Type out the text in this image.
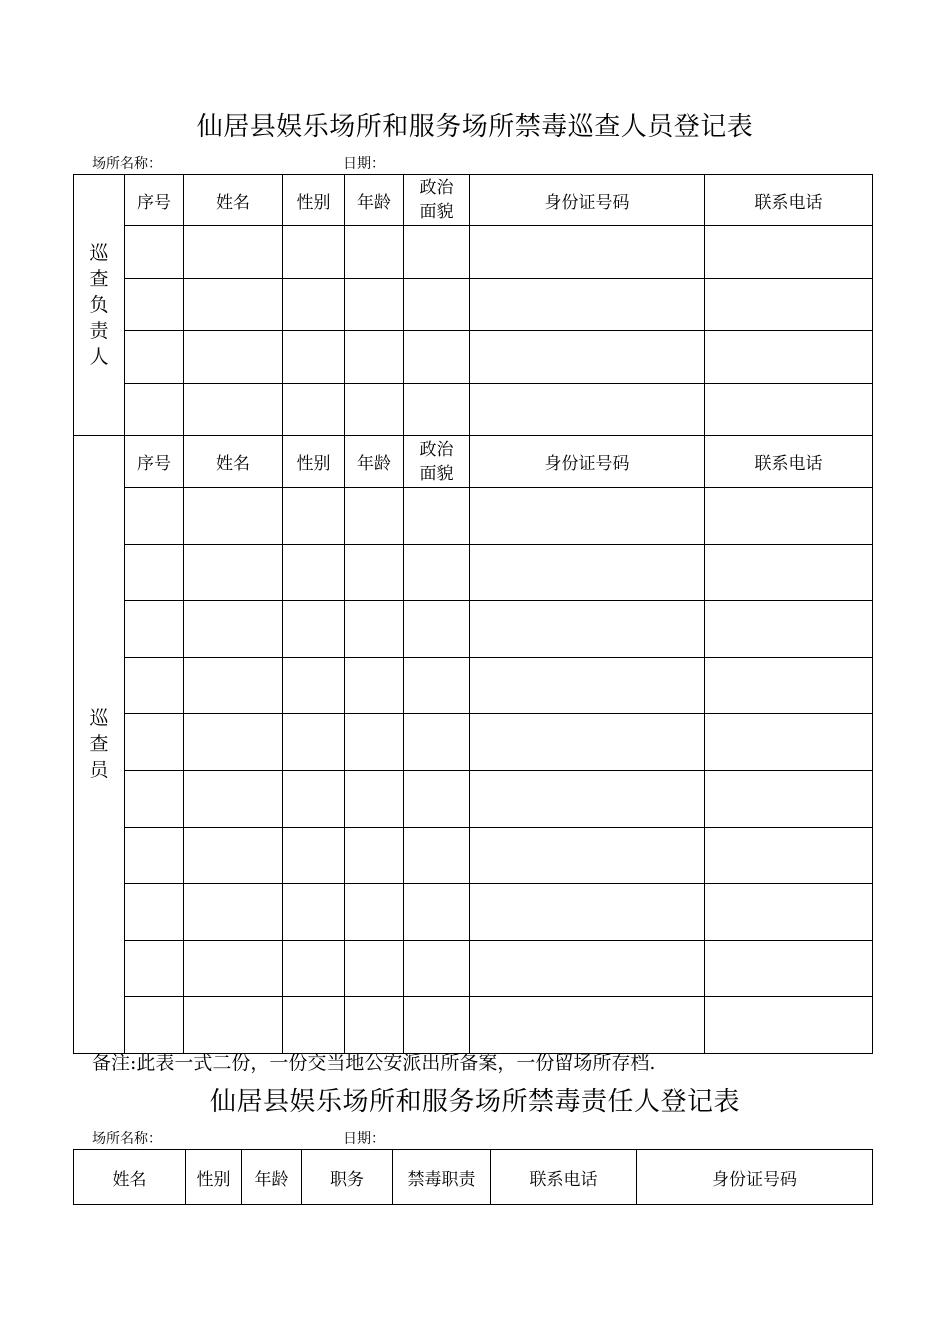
仙居县娱乐场所和服务场所禁毒巡查人员登记表
场所名称：	日期：
巡查负责人	序号	姓名	性别	年龄	政治面貌	身份证号码	联系电话

巡查员	序号	姓名	性别	年龄	政治面貌	身份证号码	联系电话

备注:此表一式二份，一份交当地公安派出所备案，一份留场所存档.
仙居县娱乐场所和服务场所禁毒责任人登记表
场所名称：	日期：
姓名	性别	年龄	职务	禁毒职责	联系电话	身份证号码
